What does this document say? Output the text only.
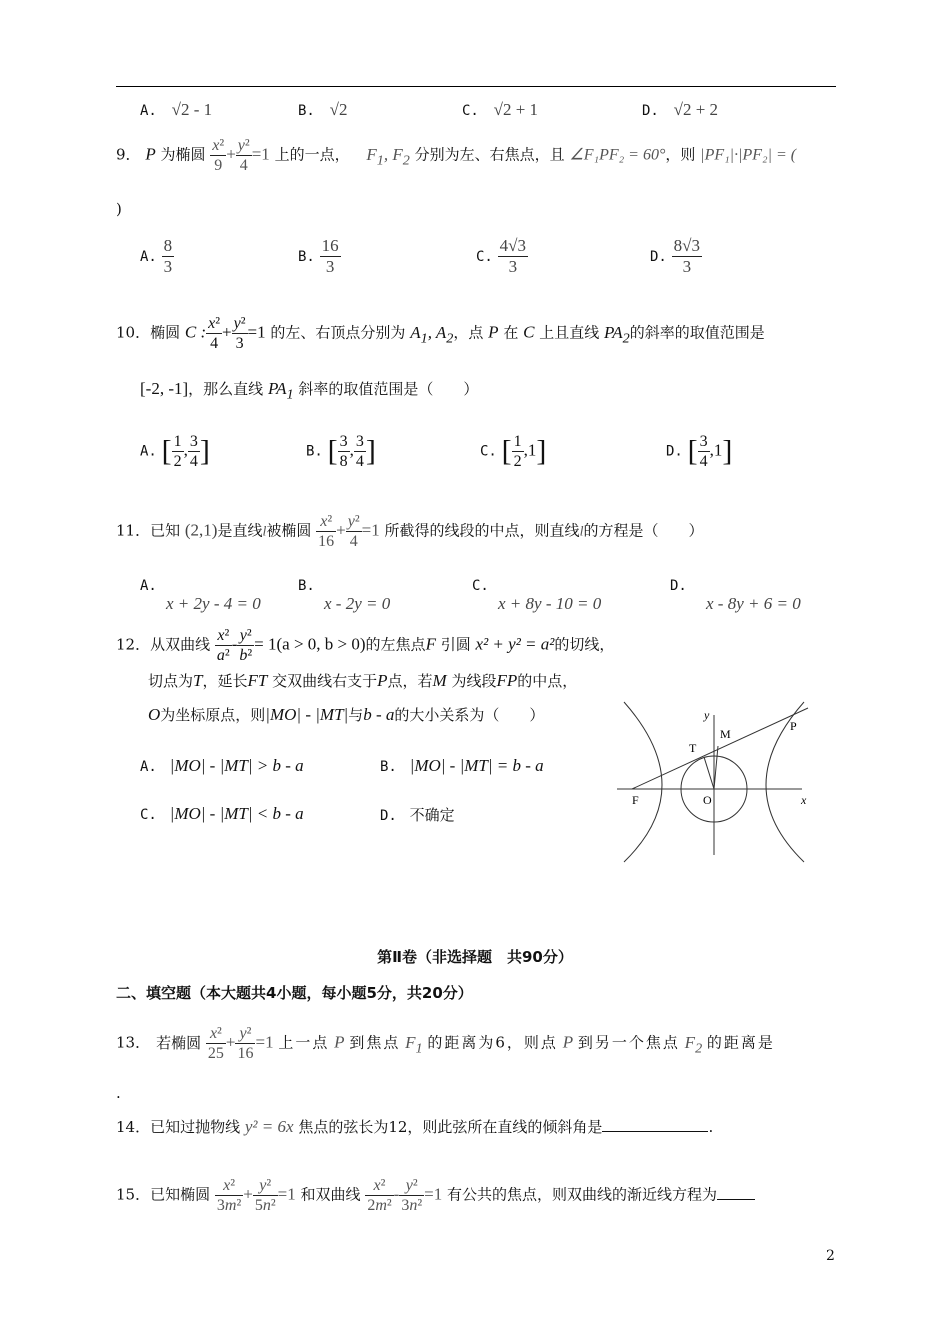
A. √2 - 1	B. √2	C. √2 + 1	D. √2 + 2
9． P 为椭圆 $\frac{\text{x²}}{9} + \frac{\text{y²}}{4} =1$ 上的一点， $F_1$, $F_2$ 分别为左、右焦点，且 ∠F₁PF₂ = 60°，则 |PF₁|·|PF₂| = (
)
A. $\frac{8}{3}$	B. $\frac{16}{3}$	C. $\frac{4√3}{3}$	D. $\frac{8√3}{3}$
10．椭圆 C : $\frac{\text{x²}}{4} + \frac{\text{y²}}{3} =1$ 的左、右顶点分别为 $A_1$, $A_2$，点 P 在 C 上且直线 $PA_2$的斜率的取值范围是
[-2, -1]，那么直线 $PA_1$ 斜率的取值范围是（　　）
A. [ $\frac{1}{2}$ , $\frac{3}{4}$ ]	B. [ $\frac{3}{8}$ , $\frac{3}{4}$ ]	C. [ $\frac{1}{2} ,1$]	D. [ $\frac{3}{4} ,1$]
11．已知 (2,1)是直线l被椭圆 $\frac{\text{x²}}{16} + \frac{\text{y²}}{4} =1$ 所截得的线段的中点，则直线l的方程是（　　）
A.
x + 2y - 4 = 0
B.
x - 2y = 0
C.
x + 8y - 10 = 0
D.
x - 8y + 6 = 0
12．从双曲线 $\frac{\text{x²}}{\text{a²}} - \frac{\text{y²}}{\text{b²}} = 1(a > 0$, b > 0)的左焦点F 引圆 x² + y² = a²的切线，
切点为T，延长FT 交双曲线右支于P点，若M 为线段FP的中点，
O为坐标原点，则|MO| - |MT|与b - a的大小关系为（　　）
A. |MO| - |MT| > b - a	B. |MO| - |MT| = b - a
C. |MO| - |MT| < b - a	D. 不确定
F	O
T
M
P
x
y
第Ⅱ卷（非选择题　共90分）
二、填空题（本大题共4小题，每小题5分，共20分）
13． 若椭圆 $\frac{\text{x²}}{25} + \frac{\text{y²}}{16} =1$ 上一点 P 到焦点 $F_1$ 的距离为6，则点 P 到另一个焦点 $F_2$ 的距离是
.
14．已知过抛物线 y² = 6x 焦点的弦长为12，则此弦所在直线的倾斜角是	.
15．已知椭圆 $\frac{\text{x²}}{\text{3m²}} + \frac{\text{y²}}{\text{5n²}} =1$ 和双曲线 $\frac{\text{x²}}{\text{2m²}} - \frac{\text{y²}}{\text{3n²}} =1$ 有公共的焦点，则双曲线的渐近线方程为
2
